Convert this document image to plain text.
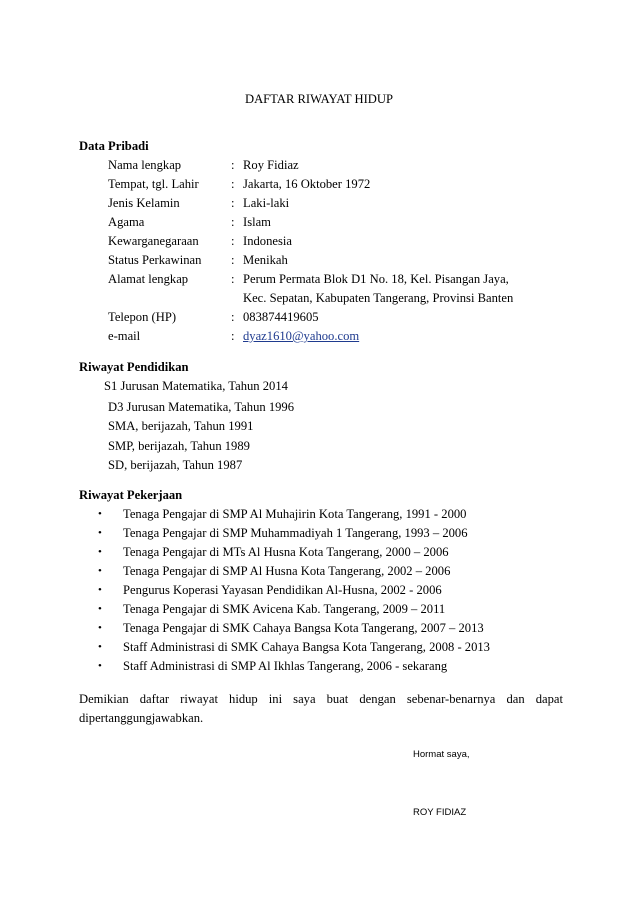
DAFTAR RIWAYAT HIDUP
Data Pribadi
Nama lengkap	: Roy Fidiaz
Tempat, tgl. Lahir	: Jakarta, 16 Oktober 1972
Jenis Kelamin	: Laki-laki
Agama	: Islam
Kewarganegaraan	: Indonesia
Status Perkawinan : Menikah
Alamat lengkap	: Perum Permata Blok D1 No. 18, Kel. Pisangan Jaya,
Kec. Sepatan, Kabupaten Tangerang, Provinsi Banten
Telepon (HP)	: 083874419605
e-mail	: dyaz1610@yahoo.com
Riwayat Pendidikan
S1 Jurusan Matematika, Tahun 2014
D3 Jurusan Matematika, Tahun 1996
SMA, berijazah, Tahun 1991
SMP, berijazah, Tahun 1989
SD, berijazah, Tahun 1987
Riwayat Pekerjaan
• Tenaga Pengajar di SMP Al Muhajirin Kota Tangerang, 1991 - 2000
• Tenaga Pengajar di SMP Muhammadiyah 1 Tangerang, 1993 – 2006
• Tenaga Pengajar di MTs Al Husna Kota Tangerang, 2000 – 2006
• Tenaga Pengajar di SMP Al Husna Kota Tangerang, 2002 – 2006
• Pengurus Koperasi Yayasan Pendidikan Al-Husna, 2002 - 2006
• Tenaga Pengajar di SMK Avicena Kab. Tangerang, 2009 – 2011
• Tenaga Pengajar di SMK Cahaya Bangsa Kota Tangerang, 2007 – 2013
• Staff Administrasi di SMK Cahaya Bangsa Kota Tangerang, 2008 - 2013
• Staff Administrasi di SMP Al Ikhlas Tangerang, 2006 - sekarang
Demikian daftar riwayat hidup ini saya buat dengan sebenar-benarnya dan dapat dipertanggungjawabkan.
Hormat saya,
ROY FIDIAZ
